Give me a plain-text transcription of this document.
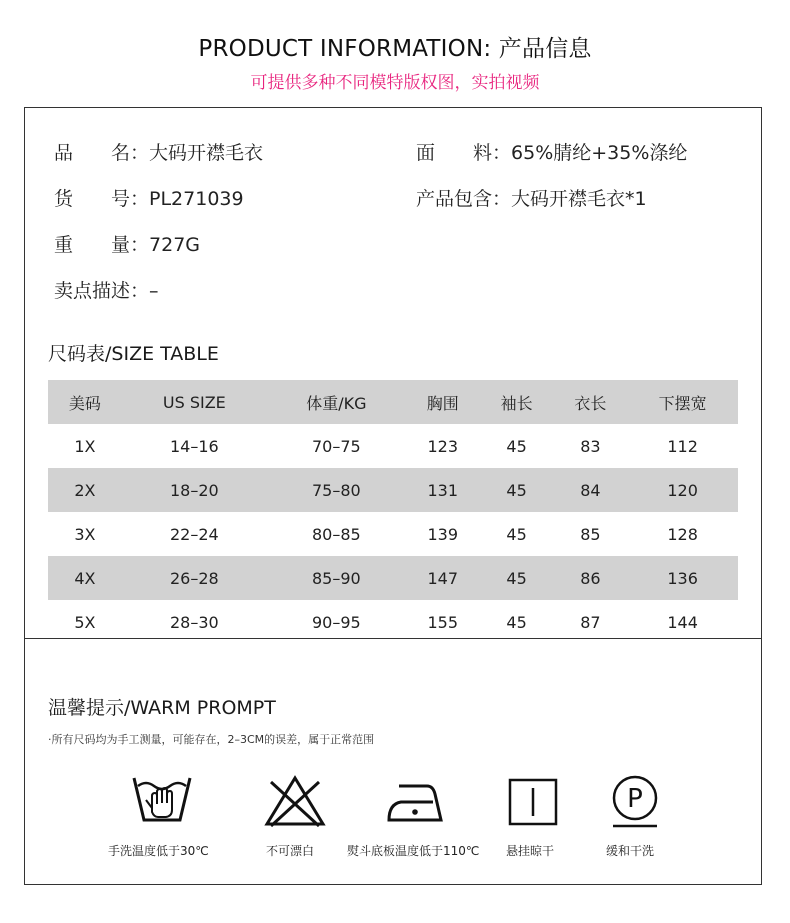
PRODUCT INFORMATION: 产品信息
可提供多种不同模特版权图，实拍视频
品　　名：大码开襟毛衣	面　　料：65%腈纶+35%涤纶
货　　号：PL271039	产品包含：大码开襟毛衣*1
重　　量：727G
卖点描述：–
尺码表/SIZE TABLE
美码	US SIZE	体重/KG	胸围	袖长	衣长	下摆宽
1X	14–16	70–75	123	45	83	112
2X	18–20	75–80	131	45	84	120
3X	22–24	80–85	139	45	85	128
4X	26–28	85–90	147	45	86	136
5X	28–30	90–95	155	45	87	144
温馨提示/WARM PROMPT
·所有尺码均为手工测量，可能存在，2–3CM的误差，属于正常范围
P
手洗温度低于30℃	不可漂白	熨斗底板温度低于110℃ 悬挂晾干	缓和干洗
